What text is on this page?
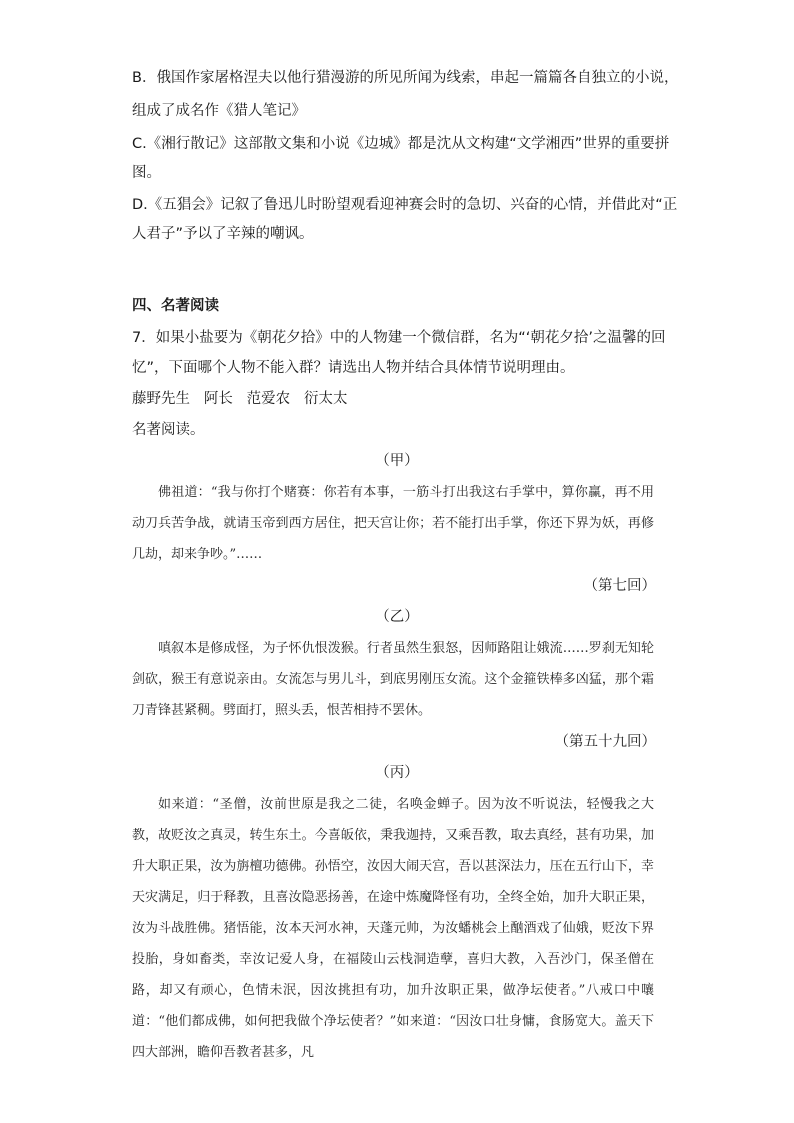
B．俄国作家屠格涅夫以他行猎漫游的所见所闻为线索，串起一篇篇各自独立的小说，
组成了成名作《猎人笔记》
C.《湘行散记》这部散文集和小说《边城》都是沈从文构建“文学湘西”世界的重要拼
图。
D.《五猖会》记叙了鲁迅儿时盼望观看迎神赛会时的急切、兴奋的心情，并借此对“正
人君子”予以了辛辣的嘲讽。
四、名著阅读
7．如果小盐要为《朝花夕拾》中的人物建一个微信群，名为“‘朝花夕拾’之温馨的回
忆”，下面哪个人物不能入群？请选出人物并结合具体情节说明理由。
藤野先生   阿长   范爱农   衍太太
名著阅读。
（甲）
佛祖道：“我与你打个赌赛：你若有本事，一筋斗打出我这右手掌中，算你赢，再不用动刀兵苦争战，就请玉帝到西方居住，把天宫让你；若不能打出手掌，你还下界为妖，再修几劫，却来争吵。”……
（第七回）
（乙）
嗔叙本是修成怪，为子怀仇恨泼猴。行者虽然生狠怒，因师路阻让娥流……罗刹无知轮剑砍，猴王有意说亲由。女流怎与男儿斗，到底男刚压女流。这个金箍铁棒多凶猛，那个霜刀青锋甚紧稠。劈面打，照头丢，恨苦相持不罢休。
（第五十九回）
（丙）
如来道：“圣僧，汝前世原是我之二徒，名唤金蝉子。因为汝不听说法，轻慢我之大教，故贬汝之真灵，转生东土。今喜皈依，秉我迦持，又乘吾教，取去真经，甚有功果，加升大职正果，汝为旃檀功德佛。孙悟空，汝因大闹天宫，吾以甚深法力，压在五行山下，幸天灾满足，归于释教，且喜汝隐恶扬善，在途中炼魔降怪有功，全终全始，加升大职正果，汝为斗战胜佛。猪悟能，汝本天河水神，天蓬元帅，为汝蟠桃会上酗酒戏了仙娥，贬汝下界投胎，身如畜类，幸汝记爱人身，在福陵山云栈洞造孽，喜归大教，入吾沙门，保圣僧在路，却又有顽心，色情未泯，因汝挑担有功，加升汝职正果，做净坛使者。”八戒口中嚷道：“他们都成佛，如何把我做个净坛使者？”如来道：“因汝口壮身慵，食肠宽大。盖天下四大部洲，瞻仰吾教者甚多，凡
